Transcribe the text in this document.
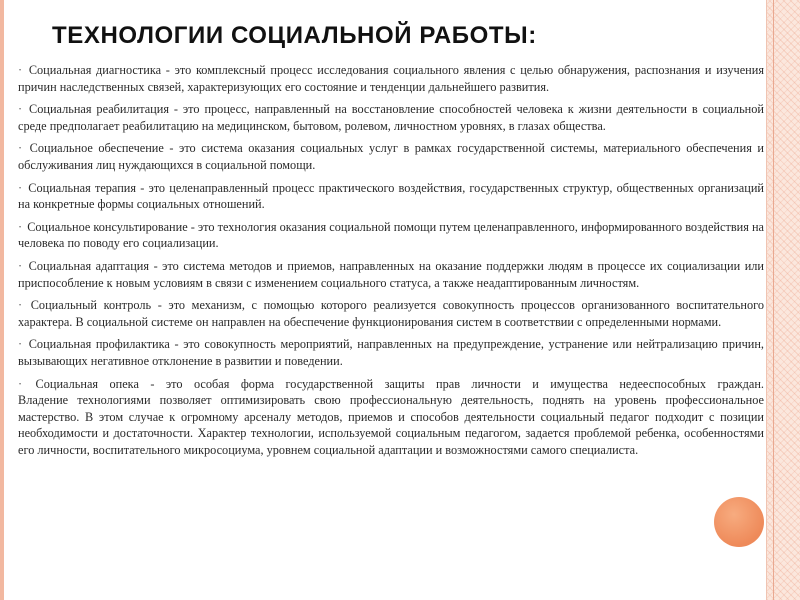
ТЕХНОЛОГИИ СОЦИАЛЬНОЙ РАБОТЫ:

· Социальная диагностика - это комплексный процесс исследования социального явления с целью обнаружения, распознания и изучения причин наследственных связей, характеризующих его состояние и тенденции дальнейшего развития.

· Социальная реабилитация - это процесс, направленный на восстановление способностей человека к жизни деятельности в социальной среде предполагает реабилитацию на медицинском, бытовом, ролевом, личностном уровнях, в глазах общества.

· Социальное обеспечение - это система оказания социальных услуг в рамках государственной системы, материального обеспечения и обслуживания лиц нуждающихся в социальной помощи.

· Социальная терапия - это целенаправленный процесс практического воздействия, государственных структур, общественных организаций на конкретные формы социальных отношений.

· Социальное консультирование - это технология оказания социальной помощи путем целенаправленного, информированного воздействия на человека по поводу его социализации.

· Социальная адаптация - это система методов и приемов, направленных на оказание поддержки людям в процессе их социализации или приспособление к новым условиям в связи с изменением социального статуса, а также неадаптированным личностям.

· Социальный контроль - это механизм, с помощью которого реализуется совокупность процессов организованного воспитательного характера. В социальной системе он направлен на обеспечение функционирования систем в соответствии с определенными нормами.

· Социальная профилактика - это совокупность мероприятий, направленных на предупреждение, устранение или нейтрализацию причин, вызывающих негативное отклонение в развитии и поведении.

· Социальная опека - это особая форма государственной защиты прав личности и имущества недееспособных граждан.

Владение технологиями позволяет оптимизировать свою профессиональную деятельность, поднять на уровень профессиональное мастерство. В этом случае к огромному арсеналу методов, приемов и способов деятельности социальный педагог подходит с позиции необходимости и достаточности. Характер технологии, используемой социальным педагогом, задается проблемой ребенка, особенностями его личности, воспитательного микросоциума, уровнем социальной адаптации и возможностями самого специалиста.
